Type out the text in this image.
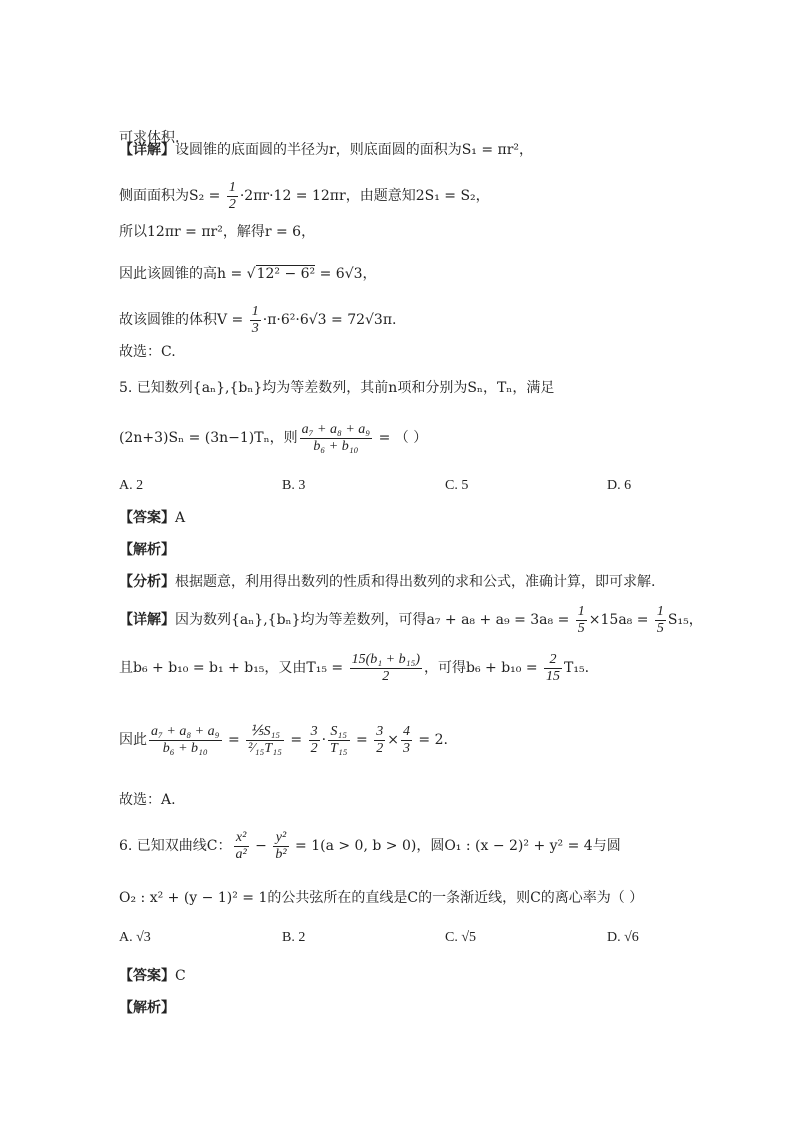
可求体积.
【详解】设圆锥的底面圆的半径为r，则底面圆的面积为S₁ = πr²，
侧面面积为$S_2 = \frac{1}{2} \cdot 2\pi r\cdot 12 = 12\pi r$，由题意知2S₁ = S₂，
所以12πr = πr²，解得r = 6，
因此该圆锥的高h = √12² − 6² = 6√3，
故该圆锥的体积$V = \frac{1}{3} \cdot\pi\cdot 6^2\cdot 6√3 = 72√3\pi$.
故选：C.
5. 已知数列{aₙ},{bₙ}均为等差数列，其前n项和分别为Sₙ，Tₙ，满足
(2n+3)Sₙ = (3n−1)Tₙ，则 $\frac{\text{a₇ + a₈ + a₉}}{\text{b₆ + b₁₀}}$ = （ ）
A. 2	B. 3	C. 5	D. 6
【答案】A
【解析】
【分析】根据题意，利用得出数列的性质和得出数列的求和公式，准确计算，即可求解.
【详解】因为数列{aₙ},{bₙ}均为等差数列，可得$a_7 + a_8 + a_9 = 3a_8 = \frac{1}{5} \times 15a_8 = \frac{1}{5} S_{15}$，
且b₆ + b₁₀ = b₁ + b₁₅，又由$T_{15} = \frac{\text{15(b₁ + b₁₅)}}{2}$ ，可得$b_6 + b_{10} = \frac{2}{15} T_{15}$.
因此 $\frac{\text{a₇ + a₈ + a₉}}{\text{b₆ + b₁₀}} = \frac{\text{⅕S₁₅}}{\text{²⁄₁₅T₁₅}} = \frac{3}{2} \cdot \frac{\text{S₁₅}}{\text{T₁₅}} = \frac{3}{2} \times \frac{4}{3} = 2$.
故选：A.
6. 已知双曲线C： $\frac{\text{x²}}{\text{a²}} - \frac{\text{y²}}{\text{b²}} = 1(a > 0$, b > 0)，圆O₁ : (x − 2)² + y² = 4与圆
O₂ : x² + (y − 1)² = 1的公共弦所在的直线是C的一条渐近线，则C的离心率为（ ）
A. √3	B. 2	C. √5	D. √6
【答案】C
【解析】
